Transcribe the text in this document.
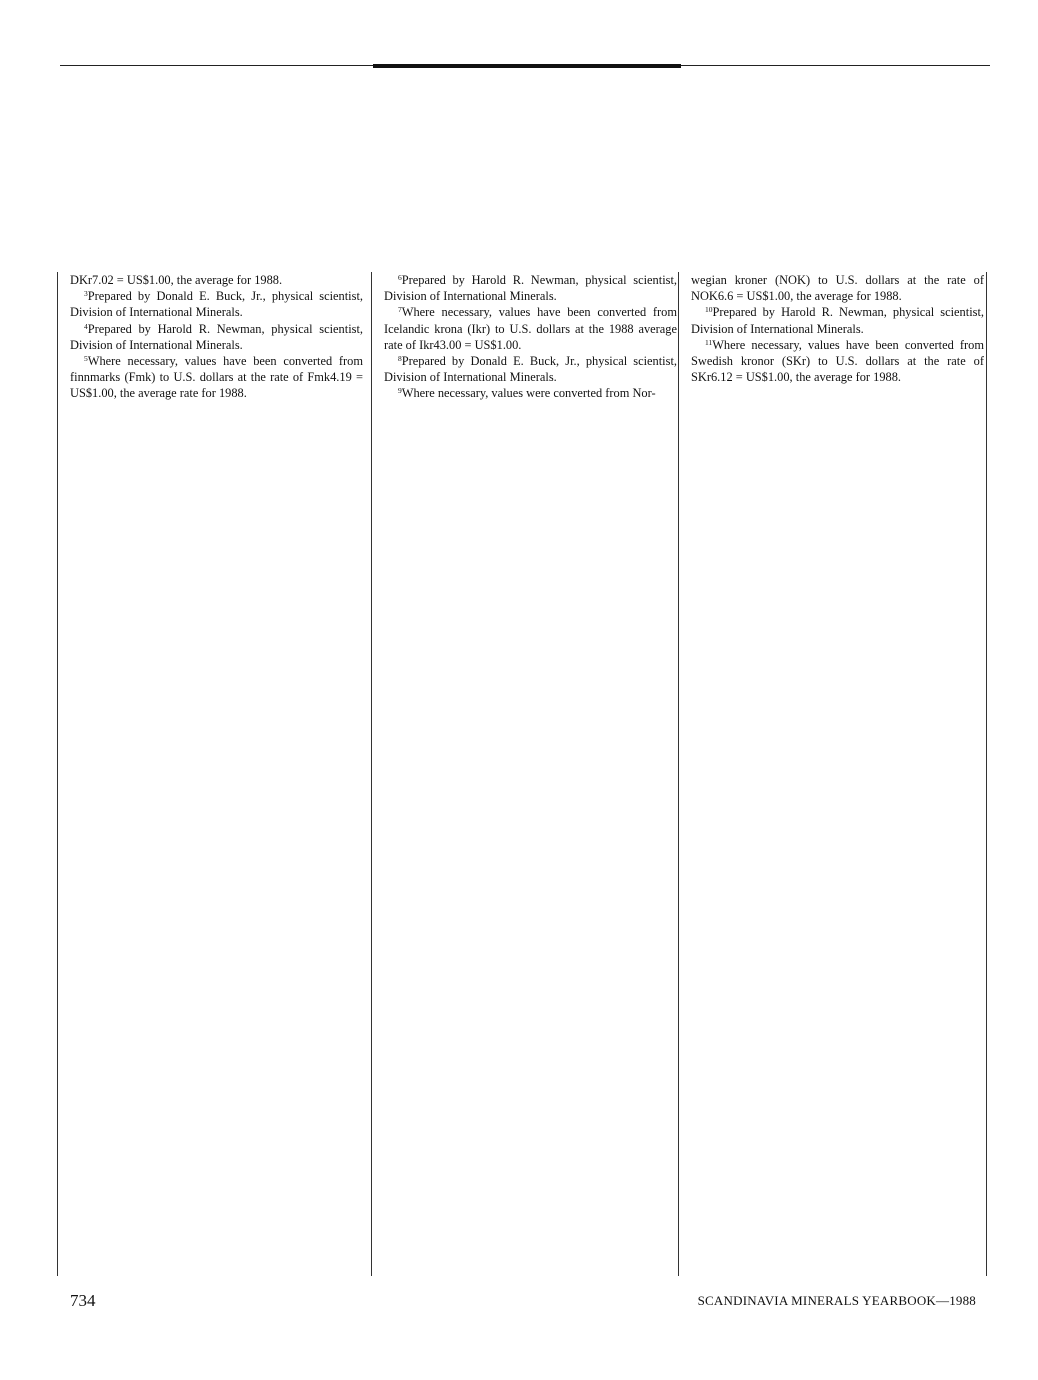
DKr7.02 = US$1.00, the average for 1988.

$^3$Prepared by Donald E. Buck, Jr., physical scientist, Division of International Minerals.

$^4$Prepared by Harold R. Newman, physical scientist, Division of International Minerals.

$^5$Where necessary, values have been converted from finnmarks (Fmk) to U.S. dollars at the rate of Fmk4.19 = US$1.00, the average rate for 1988.

$^6$Prepared by Harold R. Newman, physical scientist, Division of International Minerals.

$^7$Where necessary, values have been converted from Icelandic krona (Ikr) to U.S. dollars at the 1988 average rate of Ikr43.00 = US$1.00.

$^8$Prepared by Donald E. Buck, Jr., physical scientist, Division of International Minerals.

$^9$Where necessary, values were converted from Nor-

wegian kroner (NOK) to U.S. dollars at the rate of NOK6.6 = US$1.00, the average for 1988.

$^{10}$Prepared by Harold R. Newman, physical scientist, Division of International Minerals.

$^{11}$Where necessary, values have been converted from Swedish kronor (SKr) to U.S. dollars at the rate of SKr6.12 = US$1.00, the average for 1988.

734	SCANDINAVIA MINERALS YEARBOOK—1988
